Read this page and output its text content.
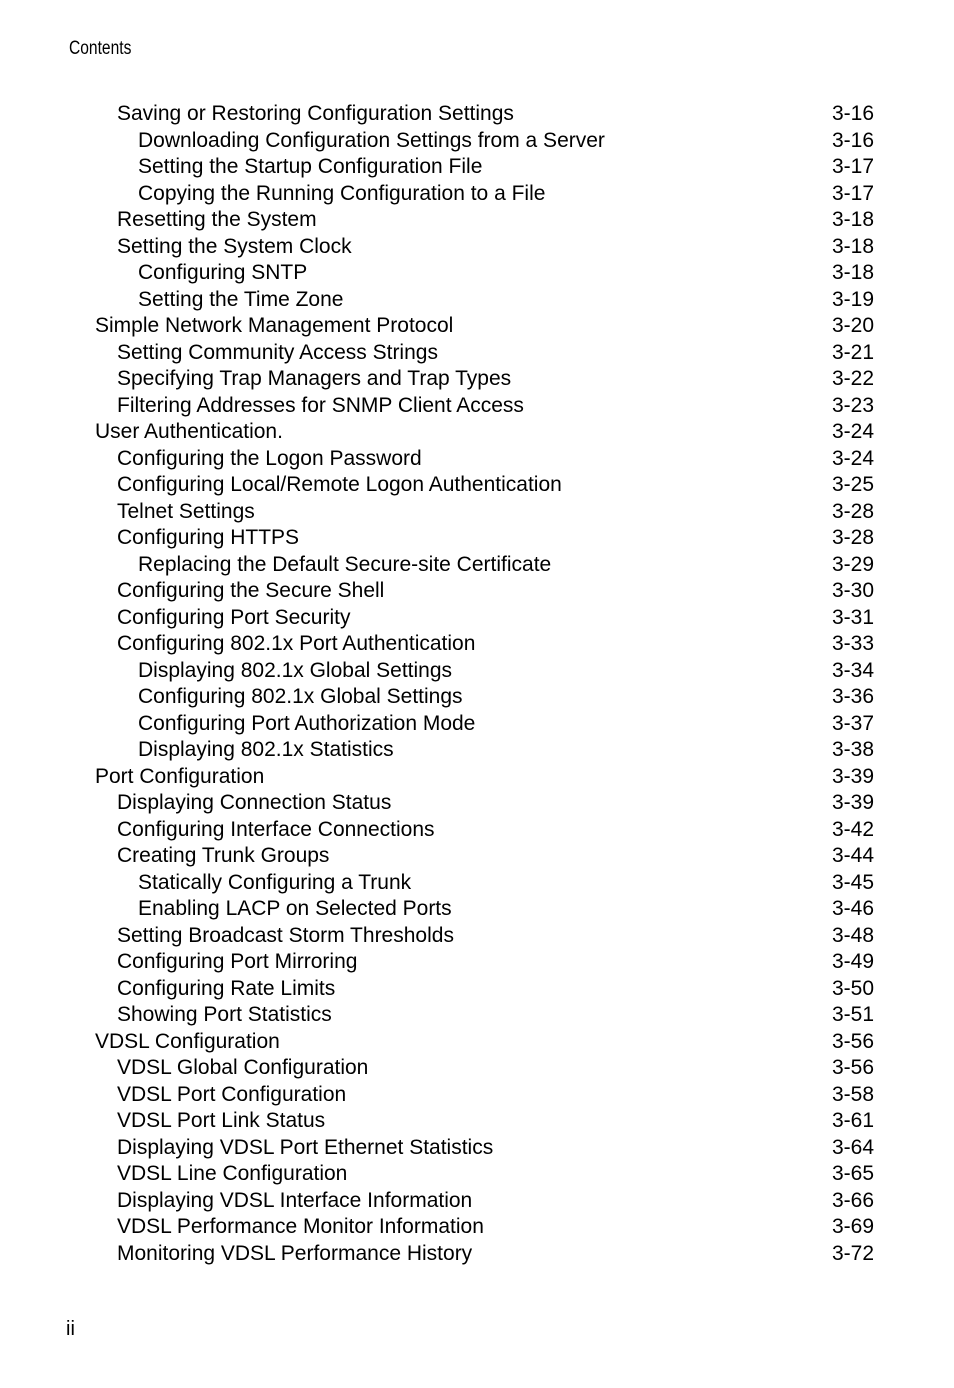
Contents
Saving or Restoring Configuration Settings	3-16
Downloading Configuration Settings from a Server	3-16
Setting the Startup Configuration File	3-17
Copying the Running Configuration to a File	3-17
Resetting the System	3-18
Setting the System Clock	3-18
Configuring SNTP	3-18
Setting the Time Zone	3-19
Simple Network Management Protocol	3-20
Setting Community Access Strings	3-21
Specifying Trap Managers and Trap Types	3-22
Filtering Addresses for SNMP Client Access	3-23
User Authentication.	3-24
Configuring the Logon Password	3-24
Configuring Local/Remote Logon Authentication	3-25
Telnet Settings	3-28
Configuring HTTPS	3-28
Replacing the Default Secure-site Certificate	3-29
Configuring the Secure Shell	3-30
Configuring Port Security	3-31
Configuring 802.1x Port Authentication	3-33
Displaying 802.1x Global Settings	3-34
Configuring 802.1x Global Settings	3-36
Configuring Port Authorization Mode	3-37
Displaying 802.1x Statistics	3-38
Port Configuration	3-39
Displaying Connection Status	3-39
Configuring Interface Connections	3-42
Creating Trunk Groups	3-44
Statically Configuring a Trunk	3-45
Enabling LACP on Selected Ports	3-46
Setting Broadcast Storm Thresholds	3-48
Configuring Port Mirroring	3-49
Configuring Rate Limits	3-50
Showing Port Statistics	3-51
VDSL Configuration	3-56
VDSL Global Configuration	3-56
VDSL Port Configuration	3-58
VDSL Port Link Status	3-61
Displaying VDSL Port Ethernet Statistics	3-64
VDSL Line Configuration	3-65
Displaying VDSL Interface Information	3-66
VDSL Performance Monitor Information	3-69
Monitoring VDSL Performance History	3-72
ii
